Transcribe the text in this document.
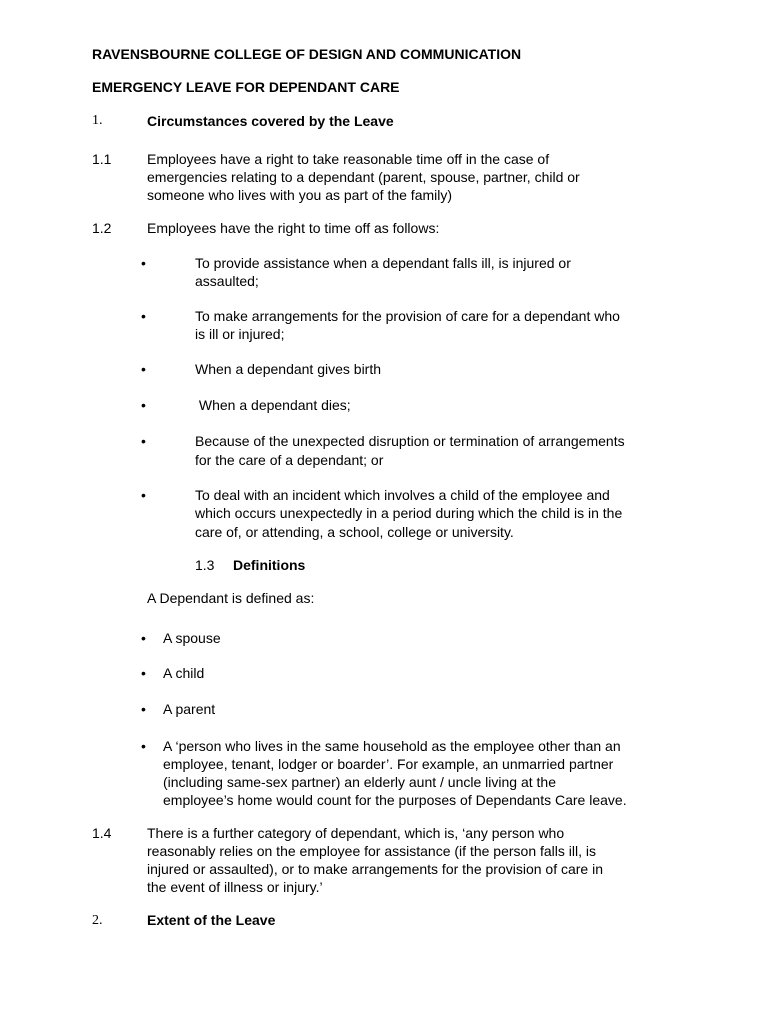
RAVENSBOURNE COLLEGE OF DESIGN AND COMMUNICATION
EMERGENCY LEAVE FOR DEPENDANT CARE
1.	Circumstances covered by the Leave
1.1	Employees have a right to take reasonable time off in the case of
emergencies relating to a dependant (parent, spouse, partner, child or
someone who lives with you as part of the family)
1.2	Employees have the right to time off as follows:
•	To provide assistance when a dependant falls ill, is injured or
assaulted;
•	To make arrangements for the provision of care for a dependant who
is ill or injured;
•	When a dependant gives birth
•	When a dependant dies;
•	Because of the unexpected disruption or termination of arrangements
for the care of a dependant; or
•	To deal with an incident which involves a child of the employee and
which occurs unexpectedly in a period during which the child is in the
care of, or attending, a school, college or university.
1.3 Definitions
A Dependant is defined as:
• A spouse
• A child
• A parent
• A ‘person who lives in the same household as the employee other than an
employee, tenant, lodger or boarder’. For example, an unmarried partner
(including same-sex partner) an elderly aunt / uncle living at the
employee’s home would count for the purposes of Dependants Care leave.
1.4	There is a further category of dependant, which is, ‘any person who
reasonably relies on the employee for assistance (if the person falls ill, is
injured or assaulted), or to make arrangements for the provision of care in
the event of illness or injury.’
2.	Extent of the Leave
